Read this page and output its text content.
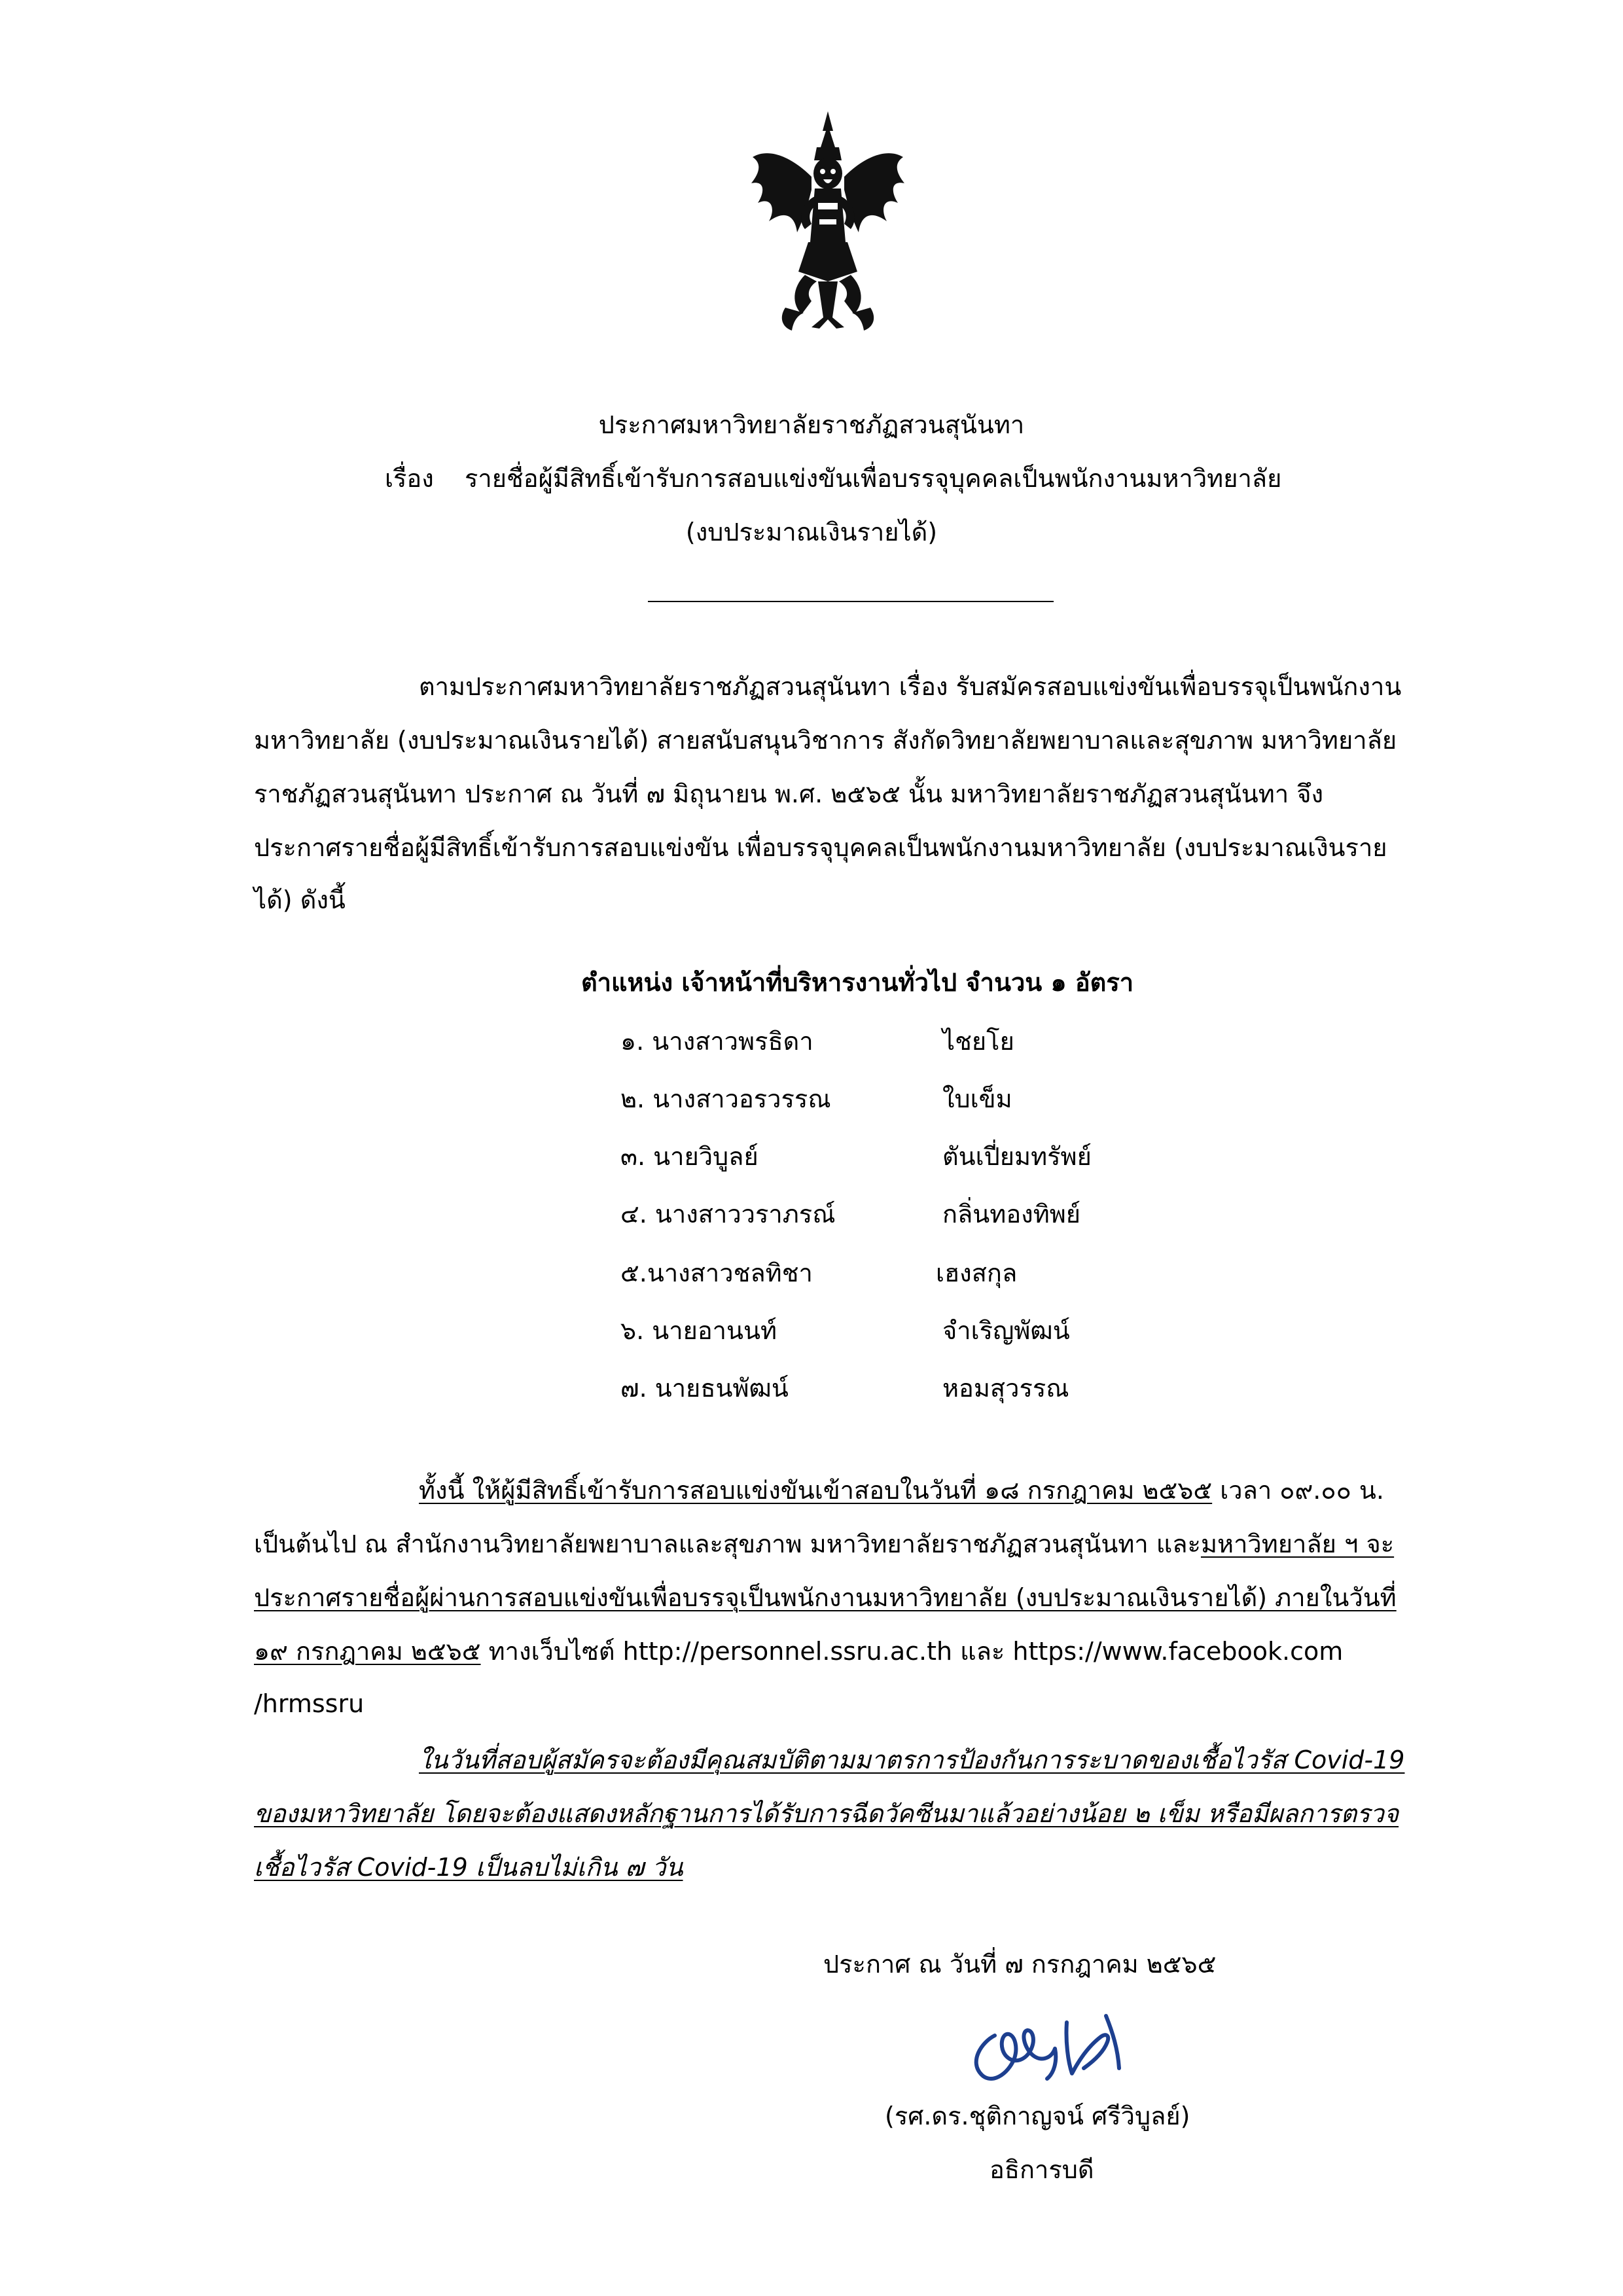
ประกาศมหาวิทยาลัยราชภัฏสวนสุนันทา
เรื่อง รายชื่อผู้มีสิทธิ์เข้ารับการสอบแข่งขันเพื่อบรรจุบุคคลเป็นพนักงานมหาวิทยาลัย
(งบประมาณเงินรายได้)
ตามประกาศมหาวิทยาลัยราชภัฏสวนสุนันทา เรื่อง รับสมัครสอบแข่งขันเพื่อบรรจุเป็นพนักงาน
มหาวิทยาลัย (งบประมาณเงินรายได้) สายสนับสนุนวิชาการ สังกัดวิทยาลัยพยาบาลและสุขภาพ มหาวิทยาลัย
ราชภัฏสวนสุนันทา ประกาศ ณ วันที่ ๗ มิถุนายน พ.ศ. ๒๕๖๕ นั้น มหาวิทยาลัยราชภัฏสวนสุนันทา จึง
ประกาศรายชื่อผู้มีสิทธิ์เข้ารับการสอบแข่งขัน เพื่อบรรจุบุคคลเป็นพนักงานมหาวิทยาลัย (งบประมาณเงินราย
ได้) ดังนี้
ตำแหน่ง เจ้าหน้าที่บริหารงานทั่วไป จำนวน ๑ อัตรา
๑. นางสาวพรธิดา	ไชยโย
๒. นางสาวอรวรรณ	ใบเข็ม
๓. นายวิบูลย์	ตันเปี่ยมทรัพย์
๔. นางสาววราภรณ์	กลิ่นทองทิพย์
๕.นางสาวชลทิชา	เฮงสกุล
๖. นายอานนท์	จำเริญพัฒน์
๗. นายธนพัฒน์	หอมสุวรรณ
ทั้งนี้ ให้ผู้มีสิทธิ์เข้ารับการสอบแข่งขันเข้าสอบในวันที่ ๑๘ กรกฎาคม ๒๕๖๕ เวลา ๐๙.๐๐ น.
เป็นต้นไป ณ สำนักงานวิทยาลัยพยาบาลและสุขภาพ มหาวิทยาลัยราชภัฏสวนสุนันทา และมหาวิทยาลัย ฯ จะ
ประกาศรายชื่อผู้ผ่านการสอบแข่งขันเพื่อบรรจุเป็นพนักงานมหาวิทยาลัย (งบประมาณเงินรายได้) ภายในวันที่
๑๙ กรกฎาคม ๒๕๖๕ ทางเว็บไซต์ http://personnel.ssru.ac.th และ https://www.facebook.com
/hrmssru
ในวันที่สอบผู้สมัครจะต้องมีคุณสมบัติตามมาตรการป้องกันการระบาดของเชื้อไวรัส Covid-19
ของมหาวิทยาลัย โดยจะต้องแสดงหลักฐานการได้รับการฉีดวัคซีนมาแล้วอย่างน้อย ๒ เข็ม หรือมีผลการตรวจ
เชื้อไวรัส Covid-19 เป็นลบไม่เกิน ๗ วัน
ประกาศ ณ วันที่ ๗ กรกฎาคม ๒๕๖๕
(รศ.ดร.ชุติกาญจน์ ศรีวิบูลย์)
อธิการบดี
